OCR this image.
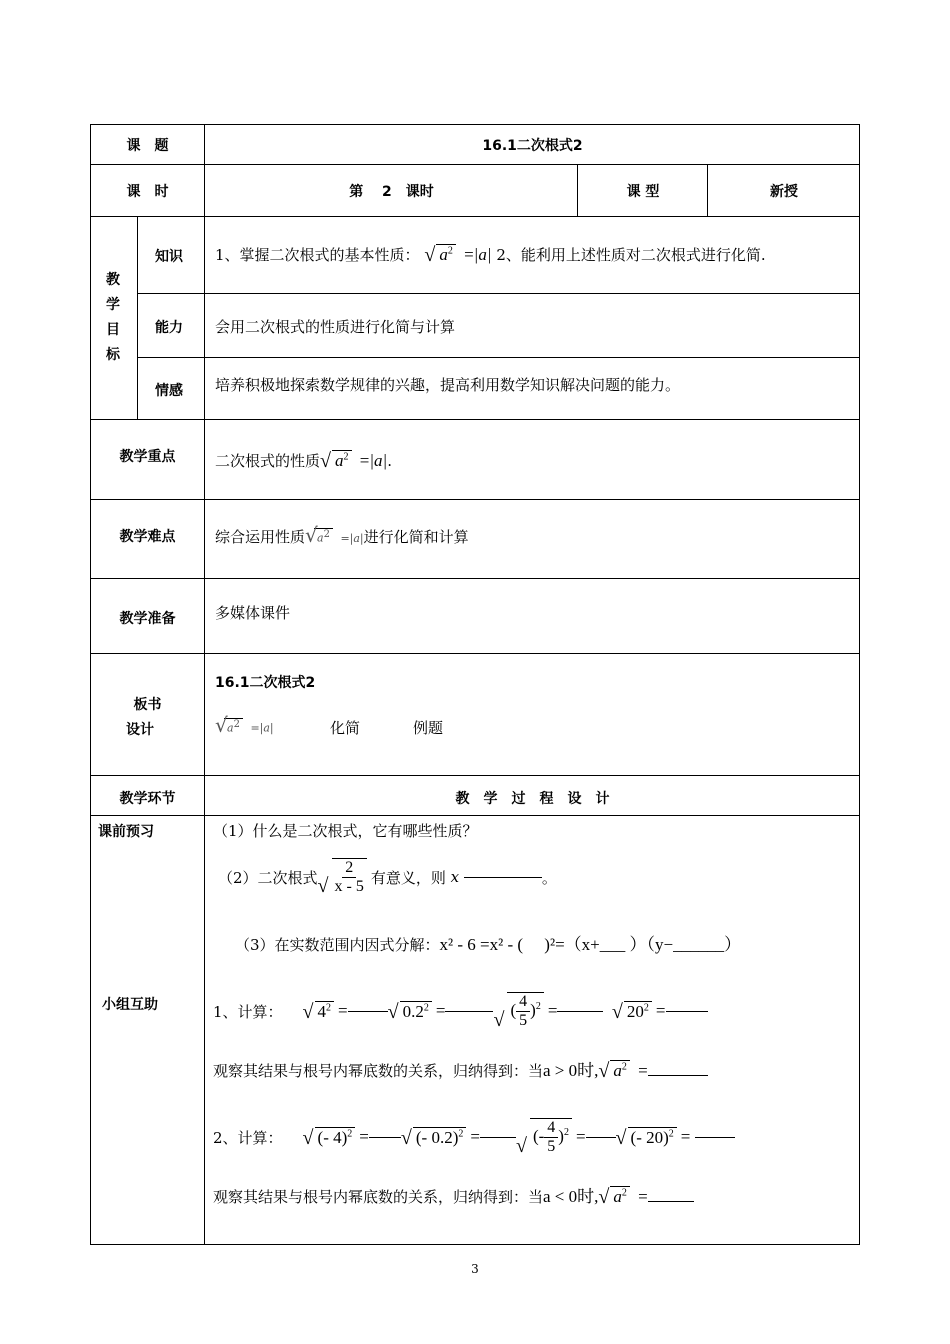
课　题	16.1二次根式2
课　时	第　 2　课时	课 型	新授
教学目标
知识 1、掌握二次根式的基本性质： √ $a^2 =|a|$ 2、能利用上述性质对二次根式进行化简.
能力 会用二次根式的性质进行化简与计算
情感 培养积极地探索数学规律的兴趣，提高利用数学知识解决问题的能力。
教学重点	二次根式的性质 √ $a^2 =|a|$.
教学难点	综合运用性质 √ a2 =|a|进行化简和计算
教学准备	多媒体课件
板书
设计
16.1二次根式2
√ a2 =|a|	化简	例题
教学环节	教　学　过　程　设　计
课前预习	（1）什么是二次根式，它有哪些性质？
（2）二次根式 √ $\frac{2}{x - 5}$ 有意义，则
x
	。
（3）在实数范围内因式分解：x² - 6 =x² - (　 )²=（x+___ ）（y−______）
小组互助	1、计算：	√ $4^2$ =	√ $0.2^2$ =	√ ( $\frac{4}{5} )^2$ =
	√ $20^2$ =
观察其结果与根号内幂底数的关系，归纳得到：当a > 0时, √ $a^2$ =
2、计算：	√ (- 4)$^2$ =	√ (- 0.2)$^2$ =	√ (- $\frac{4}{5} )^2$ =	√ (- 20)$^2$ =

观察其结果与根号内幂底数的关系，归纳得到：当a < 0时, √ $a^2$ =
3
